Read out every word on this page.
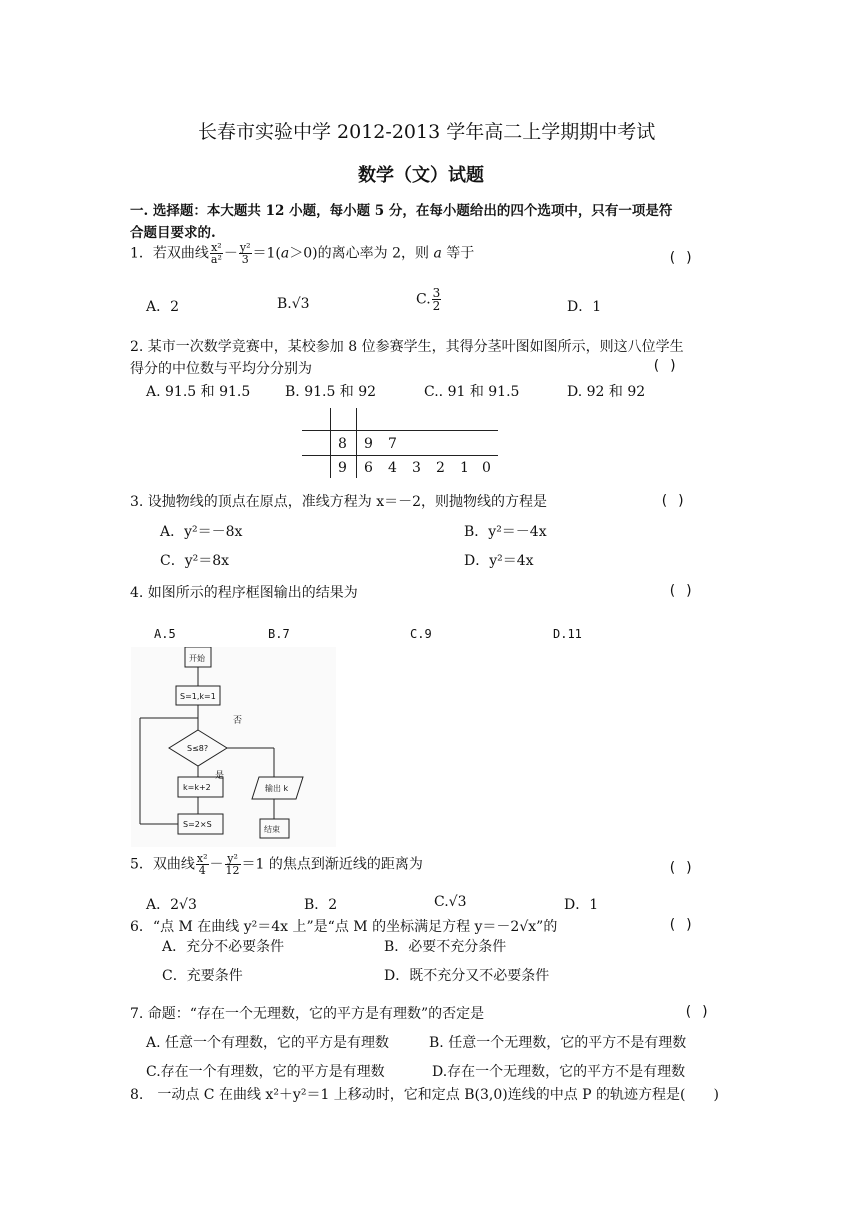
长春市实验中学 2012-2013 学年高二上学期期中考试
数学（文）试题
一. 选择题：本大题共 12 小题，每小题 5 分，在每小题给出的四个选项中，只有一项是符
合题目要求的.
1．若双曲线 $\frac{\text{x²}}{\text{a²}} - \frac{\text{y²}}{3} =1(a>0)$的离心率为 2，则 a 等于	( )
A．2	B.√3	C. $\frac{3}{2}$	D．1
2. 某市一次数学竞赛中，某校参加 8 位参赛学生，其得分茎叶图如图所示，则这八位学生
得分的中位数与平均分分别为	( )
A. 91.5 和 91.5 B. 91.5 和 92	C.. 91 和 91.5	D. 92 和 92
8 9 7
9 6 4 3 2 1 0
3. 设抛物线的顶点在原点，准线方程为 x＝－2，则抛物线的方程是	( )
A．y²＝－8x	B．y²＝－4x
C．y²＝8x	D．y²＝4x
4. 如图所示的程序框图输出的结果为	( )
A.5	B.7	C.9	D.11
开始
S=1,k=1
S≤8?
否
是
k=k+2
S=2×S
输出 k
结束
5．双曲线 $\frac{\text{x²}}{4} - \frac{\text{y²}}{12} =1$ 的焦点到渐近线的距离为	( )
A．2√3	B．2	C.√3	D．1
6．“点 M 在曲线 y²＝4x 上”是“点 M 的坐标满足方程 y＝－2√x”的	( )
A．充分不必要条件	B．必要不充分条件
C．充要条件	D．既不充分又不必要条件
7. 命题：“存在一个无理数，它的平方是有理数”的否定是	( )
A. 任意一个有理数，它的平方是有理数	B. 任意一个无理数，它的平方不是有理数
C.存在一个有理数，它的平方是有理数	D.存在一个无理数，它的平方不是有理数
8.　一动点 C 在曲线 x²＋y²＝1 上移动时，它和定点 B(3,0)连线的中点 P 的轨迹方程是(　　)
